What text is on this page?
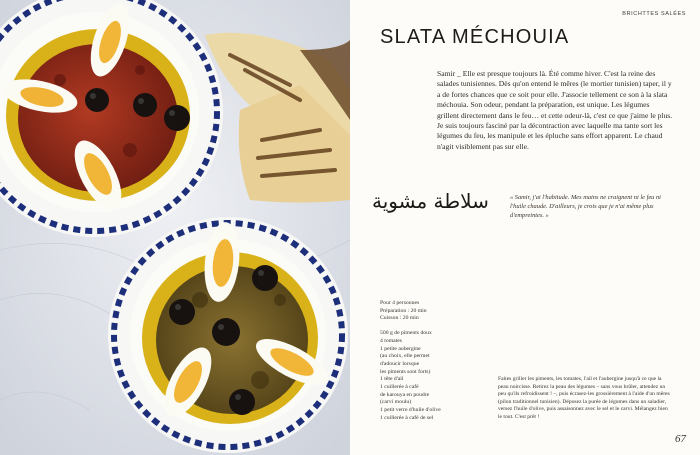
BRICHTTES SALÉES
SLATA MÉCHOUIA

Samir _ Elle est presque toujours là. Été comme hiver. C'est la reine des salades tunisiennes. Dès qu'on entend le mêres (le mortier tunisien) taper, il y a de fortes chances que ce soit pour elle. J'associe tellement ce son à la slata méchouia. Son odeur, pendant la préparation, est unique. Les légumes grillent directement dans le feu… et cette odeur-là, c'est ce que j'aime le plus. Je suis toujours fasciné par la décontraction avec laquelle ma tante sort les légumes du feu, les manipule et les épluche sans effort apparent. Le chaud n'agit visiblement pas sur elle.

سلاطة مشوية	« Samir, j'ai l'habitude. Mes mains ne craignent ni le feu ni l'huile chaude. D'ailleurs, je crois que je n'ai même plus d'empreintes. »

Pour 4 personnes

Préparation : 20 min

Cuisson : 20 min

500 g de piments doux
4 tomates
1 petite aubergine
(au choix, elle permet
d'adoucir lorsque
les piments sont forts)
1 tête d'ail
1 cuillerée à café
de karouya en poudre
(carvi moulu)
1 petit verre d'huile d'olive
1 cuillerée à café de sel

Faites griller les piments, les tomates, l'ail et l'aubergine jusqu'à ce que la peau noircisse. Retirez la peau des légumes – sans vous brûler, attendez un peu qu'ils refroidissent ! –, puis écrasez-les grossièrement à l'aide d'un mêres (pilon traditionnel tunisien). Déposez la purée de légumes dans un saladier, versez l'huile d'olive, puis assaisonnez avec le sel et le carvi. Mélangez bien le tout. C'est prêt !

67
